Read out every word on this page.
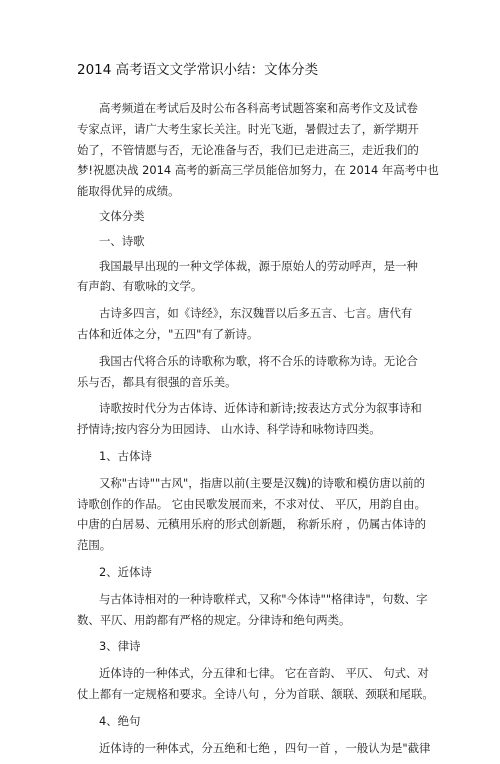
2014 高考语文文学常识小结：文体分类
高考频道在考试后及时公布各科高考试题答案和高考作文及试卷
专家点评，请广大考生家长关注。时光飞逝，暑假过去了，新学期开
始了，不管情愿与否，无论准备与否，我们已走进高三，走近我们的
梦!祝愿决战 2014 高考的新高三学员能倍加努力，在 2014 年高考中也
能取得优异的成绩。
文体分类
一、诗歌
我国最早出现的一种文学体裁，源于原始人的劳动呼声，是一种
有声韵、有歌咏的文学。
古诗多四言，如《诗经》，东汉魏晋以后多五言、七言。唐代有
古体和近体之分，"五四"有了新诗。
我国古代将合乐的诗歌称为歌，将不合乐的诗歌称为诗。无论合
乐与否，都具有很强的音乐美。
诗歌按时代分为古体诗、近体诗和新诗;按表达方式分为叙事诗和
抒情诗;按内容分为田园诗、 山水诗、科学诗和咏物诗四类。
1、古体诗
又称"古诗""古风"，指唐以前(主要是汉魏)的诗歌和模仿唐以前的
诗歌创作的作品。 它由民歌发展而来，不求对仗、 平仄，用韵自由。
中唐的白居易、元稹用乐府的形式创新题， 称新乐府 ，仍属古体诗的
范围。
2、近体诗
与古体诗相对的一种诗歌样式，又称"今体诗""格律诗"，句数、字
数、平仄、用韵都有严格的规定。分律诗和绝句两类。
3、律诗
近体诗的一种体式，分五律和七律。 它在音韵、 平仄、 句式、对
仗上都有一定规格和要求。全诗八句 ，分为首联、颔联、颈联和尾联。
4、绝句
近体诗的一种体式，分五绝和七绝 ，四句一首 ，一般认为是"截律
